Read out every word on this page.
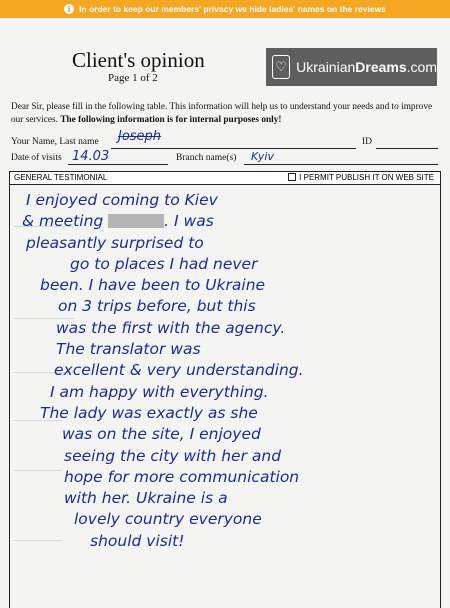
i In order to keep our members' privacy we hide ladies' names on the reviews
Client's opinion
Page 1 of 2
♡ Ukrainian Dreams .com
Dear Sir, please fill in the following table. This information will help us to understand your needs and to improve our services. The following information is for internal purposes only!
Your Name, Last name Joseph	ID
Date of visits 14.03	Branch name(s) Kyiv
GENERAL TESTIMONIAL	I PERMIT PUBLISH IT ON WEB SITE
I enjoyed coming to Kiev
& meeting	. I was
pleasantly surprised to
go to places I had never
been. I have been to Ukraine
on 3 trips before, but this
was the first with the agency.
The translator was
excellent & very understanding.
I am happy with everything.
The lady was exactly as she
was on the site, I enjoyed
seeing the city with her and
hope for more communication
with her. Ukraine is a
lovely country everyone
should visit!
